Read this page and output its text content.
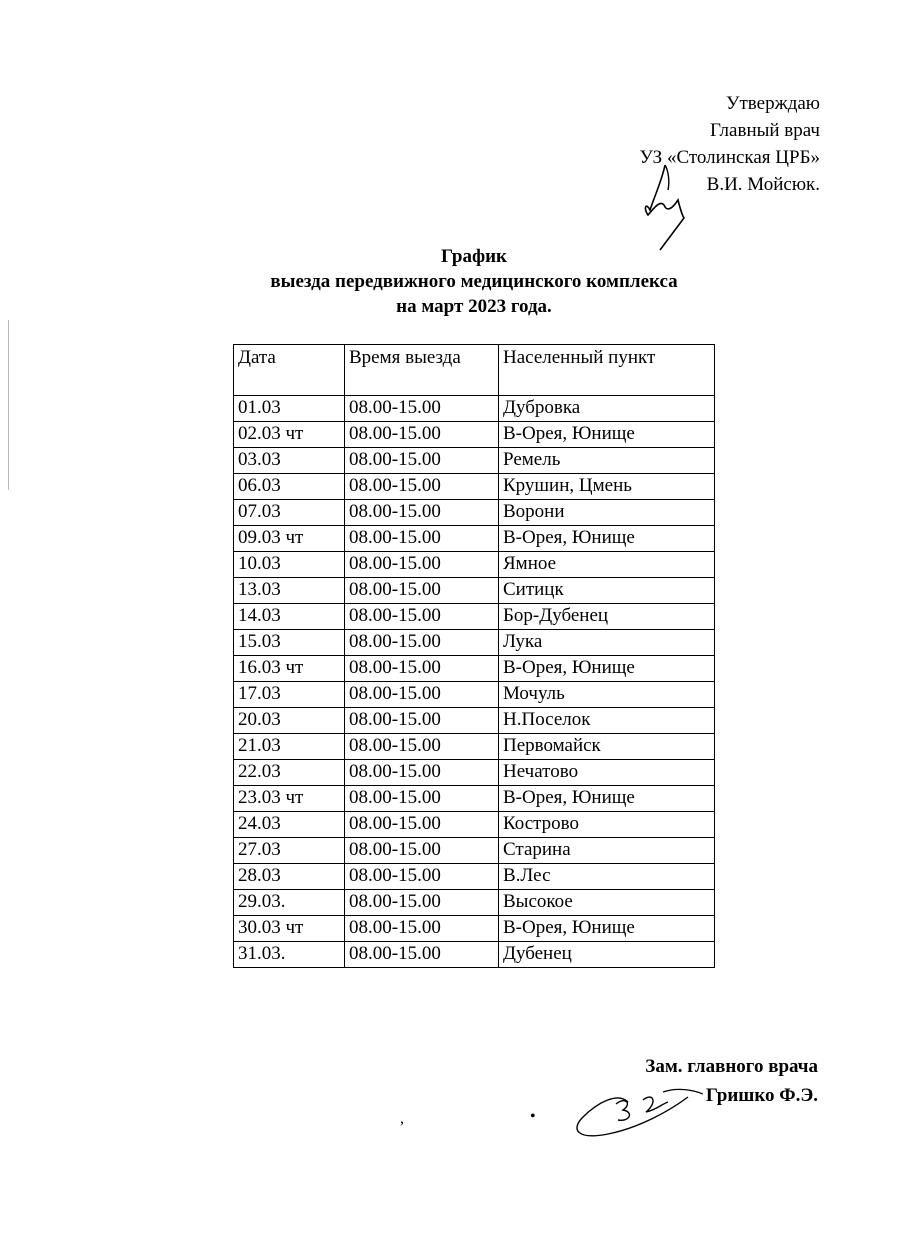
Утверждаю
Главный врач
УЗ «Столинская ЦРБ»
В.И. Мойсюк.
График
выезда передвижного медицинского комплекса
на март 2023 года.
Дата	Время выезда	Населенный пункт
01.03	08.00-15.00	Дубровка
02.03 чт	08.00-15.00	В-Орея, Юнище
03.03	08.00-15.00	Ремель
06.03	08.00-15.00	Крушин, Цмень
07.03	08.00-15.00	Ворони
09.03 чт	08.00-15.00	В-Орея, Юнище
10.03	08.00-15.00	Ямное
13.03	08.00-15.00	Ситицк
14.03	08.00-15.00	Бор-Дубенец
15.03	08.00-15.00	Лука
16.03 чт	08.00-15.00	В-Орея, Юнище
17.03	08.00-15.00	Мочуль
20.03	08.00-15.00	Н.Поселок
21.03	08.00-15.00	Первомайск
22.03	08.00-15.00	Нечатово
23.03 чт	08.00-15.00	В-Орея, Юнище
24.03	08.00-15.00	Кострово
27.03	08.00-15.00	Старина
28.03	08.00-15.00	В.Лес
29.03.	08.00-15.00	Высокое
30.03 чт	08.00-15.00	В-Орея, Юнище
31.03.	08.00-15.00	Дубенец
Зам. главного врача
Гришко Ф.Э.
,	•
